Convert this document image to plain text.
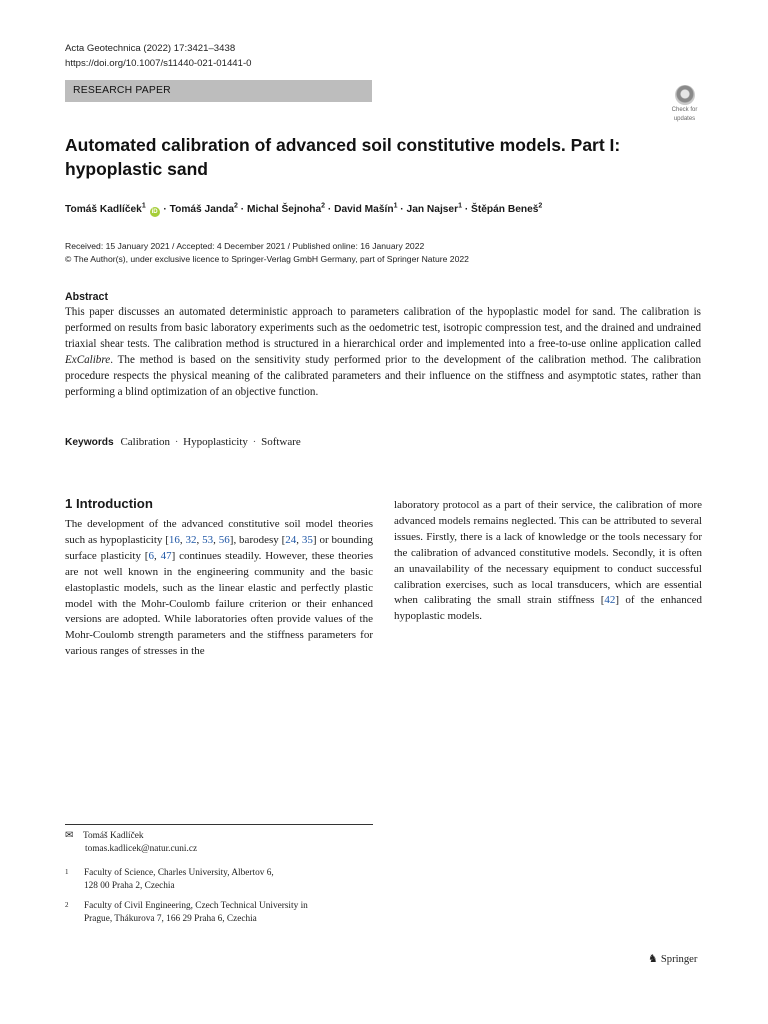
Acta Geotechnica (2022) 17:3421–3438
https://doi.org/10.1007/s11440-021-01441-0
RESEARCH PAPER
Check for
updates
Automated calibration of advanced soil constitutive models. Part I:
hypoplastic sand
Tomáš Kadlíček$^1$ iD · Tomáš Janda$^2$ · Michal Šejnoha$^2$ · David Mašín$^1$ · Jan Najser$^1$ · Štěpán Beneš$^2$
Received: 15 January 2021 / Accepted: 4 December 2021 / Published online: 16 January 2022
© The Author(s), under exclusive licence to Springer-Verlag GmbH Germany, part of Springer Nature 2022
Abstract
This paper discusses an automated deterministic approach to parameters calibration of the hypoplastic model for sand. The calibration is performed on results from basic laboratory experiments such as the oedometric test, isotropic compression test, and the drained and undrained triaxial shear tests. The calibration method is structured in a hierarchical order and implemented into a free-to-use online application called ExCalibre. The method is based on the sensitivity study performed prior to the development of the calibration method. The calibration procedure respects the physical meaning of the calibrated parameters and their influence on the stiffness and asymptotic states, rather than performing a blind optimization of an objective function.
Keywords Calibration · Hypoplasticity · Software
1 Introduction
The development of the advanced constitutive soil model theories such as hypoplasticity [16, 32, 53, 56], barodesy [24, 35] or bounding surface plasticity [6, 47] continues steadily. However, these theories are not well known in the engineering community and the basic elastoplastic models, such as the linear elastic and perfectly plastic model with the Mohr-Coulomb failure criterion or their enhanced versions are adopted. While laboratories often provide values of the Mohr-Coulomb strength parameters and the stiffness parameters for various ranges of stresses in the
laboratory protocol as a part of their service, the calibration of more advanced models remains neglected. This can be attributed to several issues. Firstly, there is a lack of knowledge or the tools necessary for the calibration of advanced constitutive models. Secondly, it is often an unavailability of the necessary equipment to conduct successful calibration exercises, such as local transducers, which are essential when calibrating the small strain stiffness [42] of the enhanced hypoplastic models.
✉ Tomáš Kadlíček
tomas.kadlicek@natur.cuni.cz
1 Faculty of Science, Charles University, Albertov 6,
128 00 Praha 2, Czechia
2 Faculty of Civil Engineering, Czech Technical University in
Prague, Thákurova 7, 166 29 Praha 6, Czechia
♞ Springer
